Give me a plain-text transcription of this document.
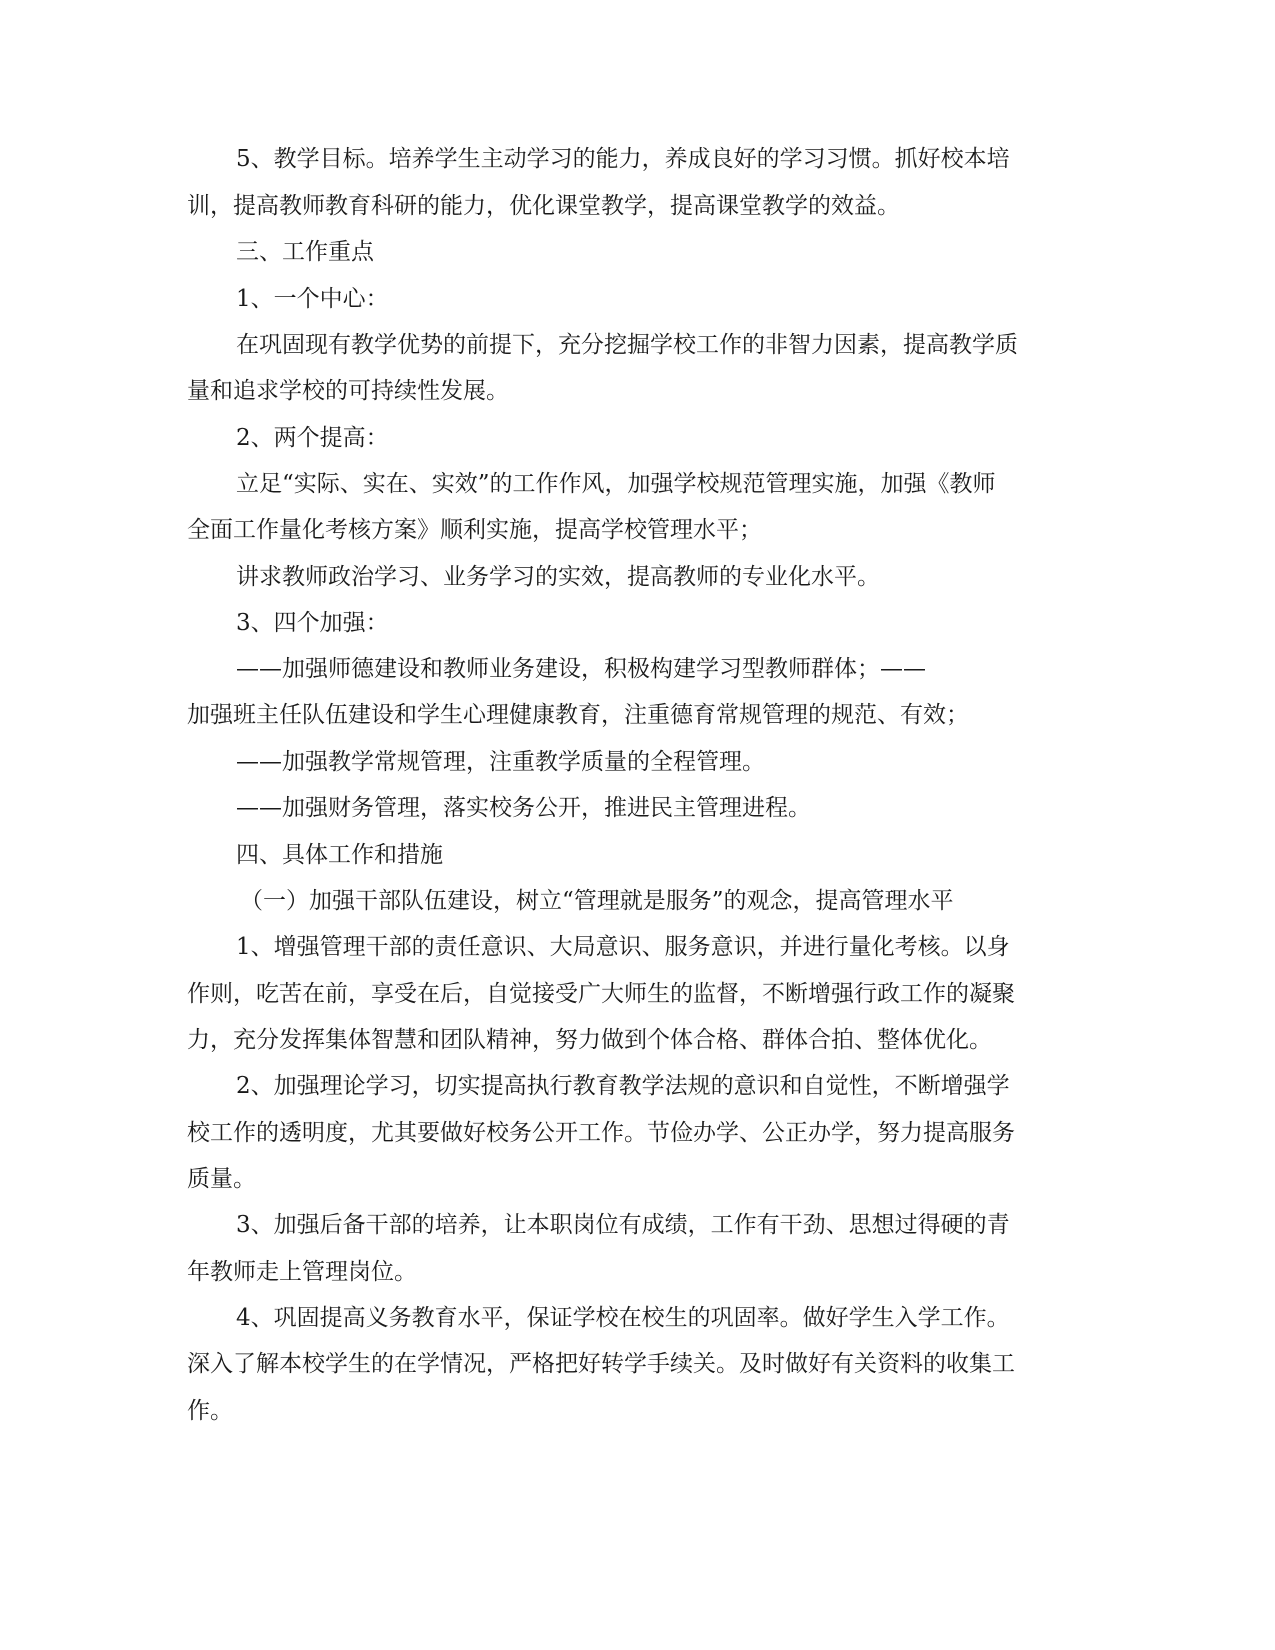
5、教学目标。培养学生主动学习的能力，养成良好的学习习惯。抓好校本培
训，提高教师教育科研的能力，优化课堂教学，提高课堂教学的效益。
三、工作重点
1、一个中心：
在巩固现有教学优势的前提下，充分挖掘学校工作的非智力因素，提高教学质
量和追求学校的可持续性发展。
2、两个提高：
立足“实际、实在、实效”的工作作风，加强学校规范管理实施，加强《教师
全面工作量化考核方案》顺利实施，提高学校管理水平；
讲求教师政治学习、业务学习的实效，提高教师的专业化水平。
3、四个加强：
——加强师德建设和教师业务建设，积极构建学习型教师群体；——
加强班主任队伍建设和学生心理健康教育，注重德育常规管理的规范、有效；
——加强教学常规管理，注重教学质量的全程管理。
——加强财务管理，落实校务公开，推进民主管理进程。
四、具体工作和措施
（一）加强干部队伍建设，树立“管理就是服务”的观念，提高管理水平
1、增强管理干部的责任意识、大局意识、服务意识，并进行量化考核。以身
作则，吃苦在前，享受在后，自觉接受广大师生的监督，不断增强行政工作的凝聚
力，充分发挥集体智慧和团队精神，努力做到个体合格、群体合拍、整体优化。
2、加强理论学习，切实提高执行教育教学法规的意识和自觉性，不断增强学
校工作的透明度，尤其要做好校务公开工作。节俭办学、公正办学，努力提高服务
质量。
3、加强后备干部的培养，让本职岗位有成绩，工作有干劲、思想过得硬的青
年教师走上管理岗位。
4、巩固提高义务教育水平，保证学校在校生的巩固率。做好学生入学工作。
深入了解本校学生的在学情况，严格把好转学手续关。及时做好有关资料的收集工
作。
